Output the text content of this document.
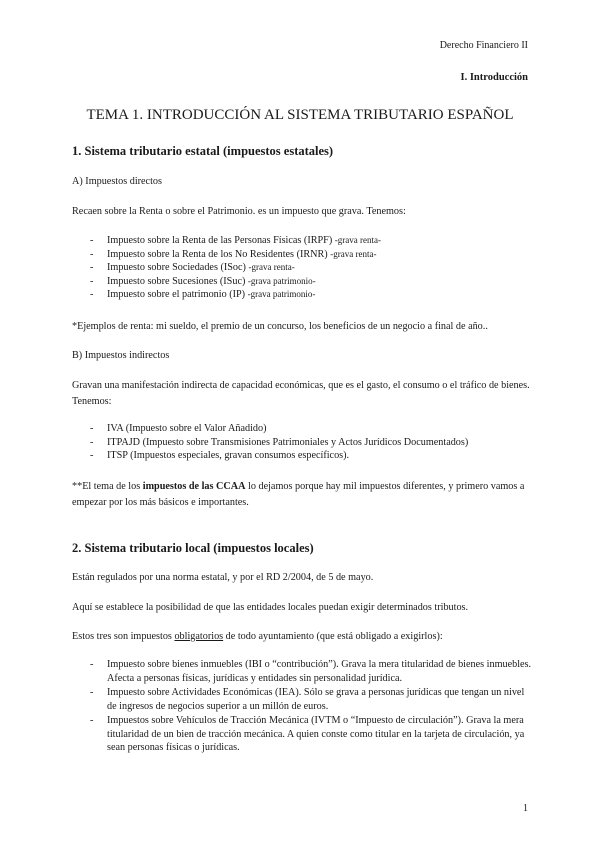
Derecho Financiero II
I. Introducción
TEMA 1. INTRODUCCIÓN AL SISTEMA TRIBUTARIO ESPAÑOL
1. Sistema tributario estatal (impuestos estatales)
A) Impuestos directos
Recaen sobre la Renta o sobre el Patrimonio. es un impuesto que grava. Tenemos:
- Impuesto sobre la Renta de las Personas Físicas (IRPF) -grava renta-
- Impuesto sobre la Renta de los No Residentes (IRNR) -grava renta-
- Impuesto sobre Sociedades (ISoc) -grava renta-
- Impuesto sobre Sucesiones (ISuc) -grava patrimonio-
- Impuesto sobre el patrimonio (IP) -grava patrimonio-
*Ejemplos de renta: mi sueldo, el premio de un concurso, los beneficios de un negocio a final de año..
B) Impuestos indirectos
Gravan una manifestación indirecta de capacidad económicas, que es el gasto, el consumo o el tráfico de bienes. Tenemos:
- IVA (Impuesto sobre el Valor Añadido)
- ITPAJD (Impuesto sobre Transmisiones Patrimoniales y Actos Jurídicos Documentados)
- ITSP (Impuestos especiales, gravan consumos específicos).
**El tema de los impuestos de las CCAA lo dejamos porque hay mil impuestos diferentes, y primero vamos a empezar por los más básicos e importantes.
2. Sistema tributario local (impuestos locales)
Están regulados por una norma estatal, y por el RD 2/2004, de 5 de mayo.
Aquí se establece la posibilidad de que las entidades locales puedan exigir determinados tributos.
Estos tres son impuestos obligatorios de todo ayuntamiento (que está obligado a exigirlos):
- Impuesto sobre bienes inmuebles (IBI o “contribución”). Grava la mera titularidad de bienes inmuebles. Afecta a personas físicas, jurídicas y entidades sin personalidad jurídica.
- Impuesto sobre Actividades Económicas (IEA). Sólo se grava a personas jurídicas que tengan un nivel de ingresos de negocios superior a un millón de euros.
- Impuestos sobre Vehículos de Tracción Mecánica (IVTM o “Impuesto de circulación”). Grava la mera titularidad de un bien de tracción mecánica. A quien conste como titular en la tarjeta de circulación, ya sean personas físicas o jurídicas.
1
